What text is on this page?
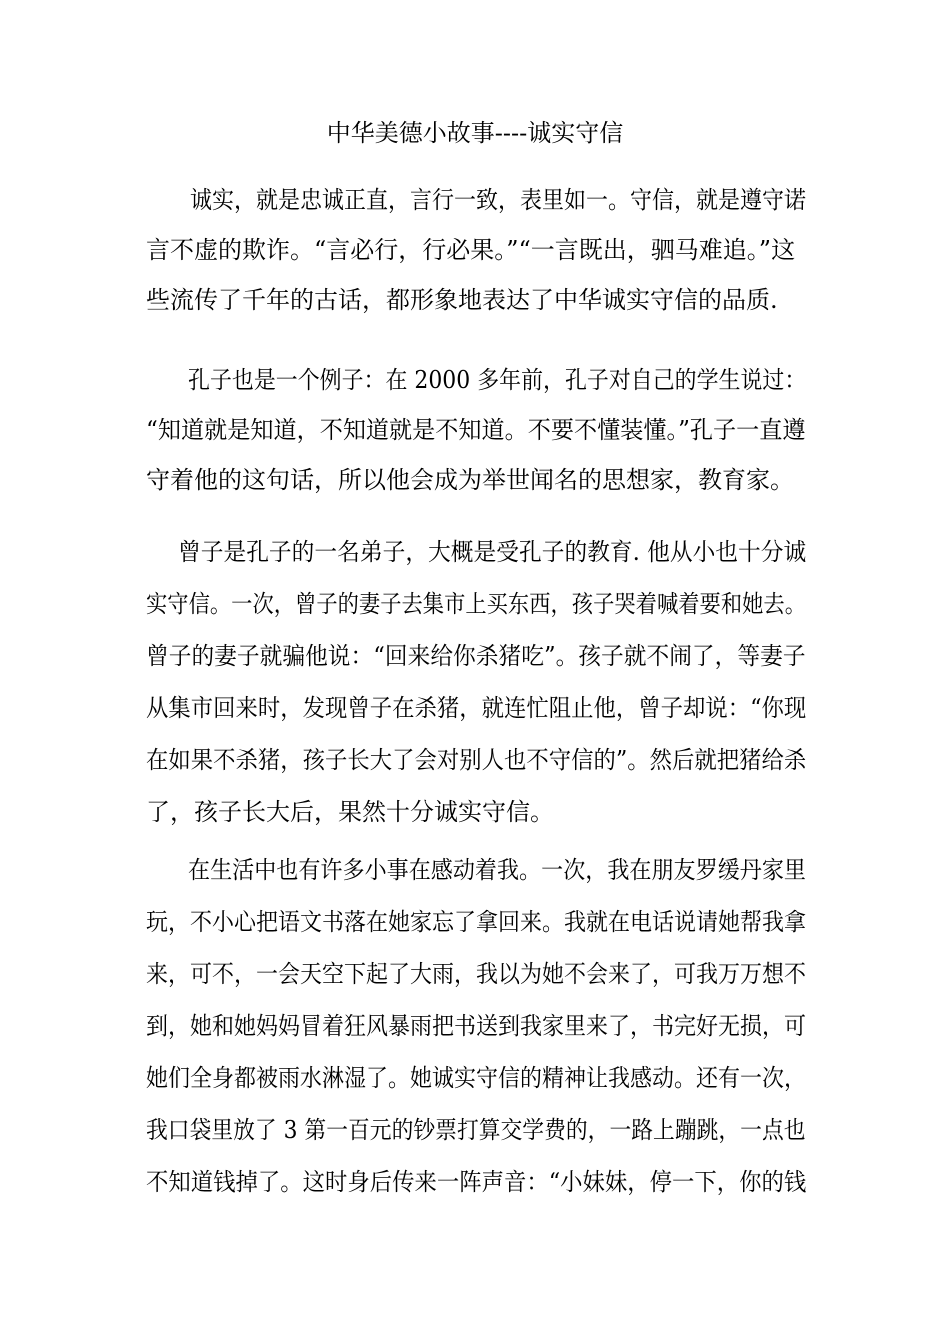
中华美德小故事----诚实守信
诚实，就是忠诚正直，言行一致，表里如一。守信，就是遵守诺
言不虚的欺诈。“言必行，行必果。”“一言既出，驷马难追。”这
些流传了千年的古话，都形象地表达了中华诚实守信的品质.
孔子也是一个例子：在 2000 多年前，孔子对自己的学生说过：
“知道就是知道，不知道就是不知道。不要不懂装懂。”孔子一直遵
守着他的这句话，所以他会成为举世闻名的思想家，教育家。
曾子是孔子的一名弟子，大概是受孔子的教育. 他从小也十分诚
实守信。一次，曾子的妻子去集市上买东西，孩子哭着喊着要和她去。
曾子的妻子就骗他说：“回来给你杀猪吃”。孩子就不闹了，等妻子
从集市回来时，发现曾子在杀猪，就连忙阻止他，曾子却说：“你现
在如果不杀猪，孩子长大了会对别人也不守信的”。然后就把猪给杀
了，孩子长大后，果然十分诚实守信。
在生活中也有许多小事在感动着我。一次，我在朋友罗缓丹家里
玩，不小心把语文书落在她家忘了拿回来。我就在电话说请她帮我拿
来，可不，一会天空下起了大雨，我以为她不会来了，可我万万想不
到，她和她妈妈冒着狂风暴雨把书送到我家里来了，书完好无损，可
她们全身都被雨水淋湿了。她诚实守信的精神让我感动。还有一次，
我口袋里放了 3 第一百元的钞票打算交学费的，一路上蹦跳，一点也
不知道钱掉了。这时身后传来一阵声音：“小妹妹，停一下，你的钱
